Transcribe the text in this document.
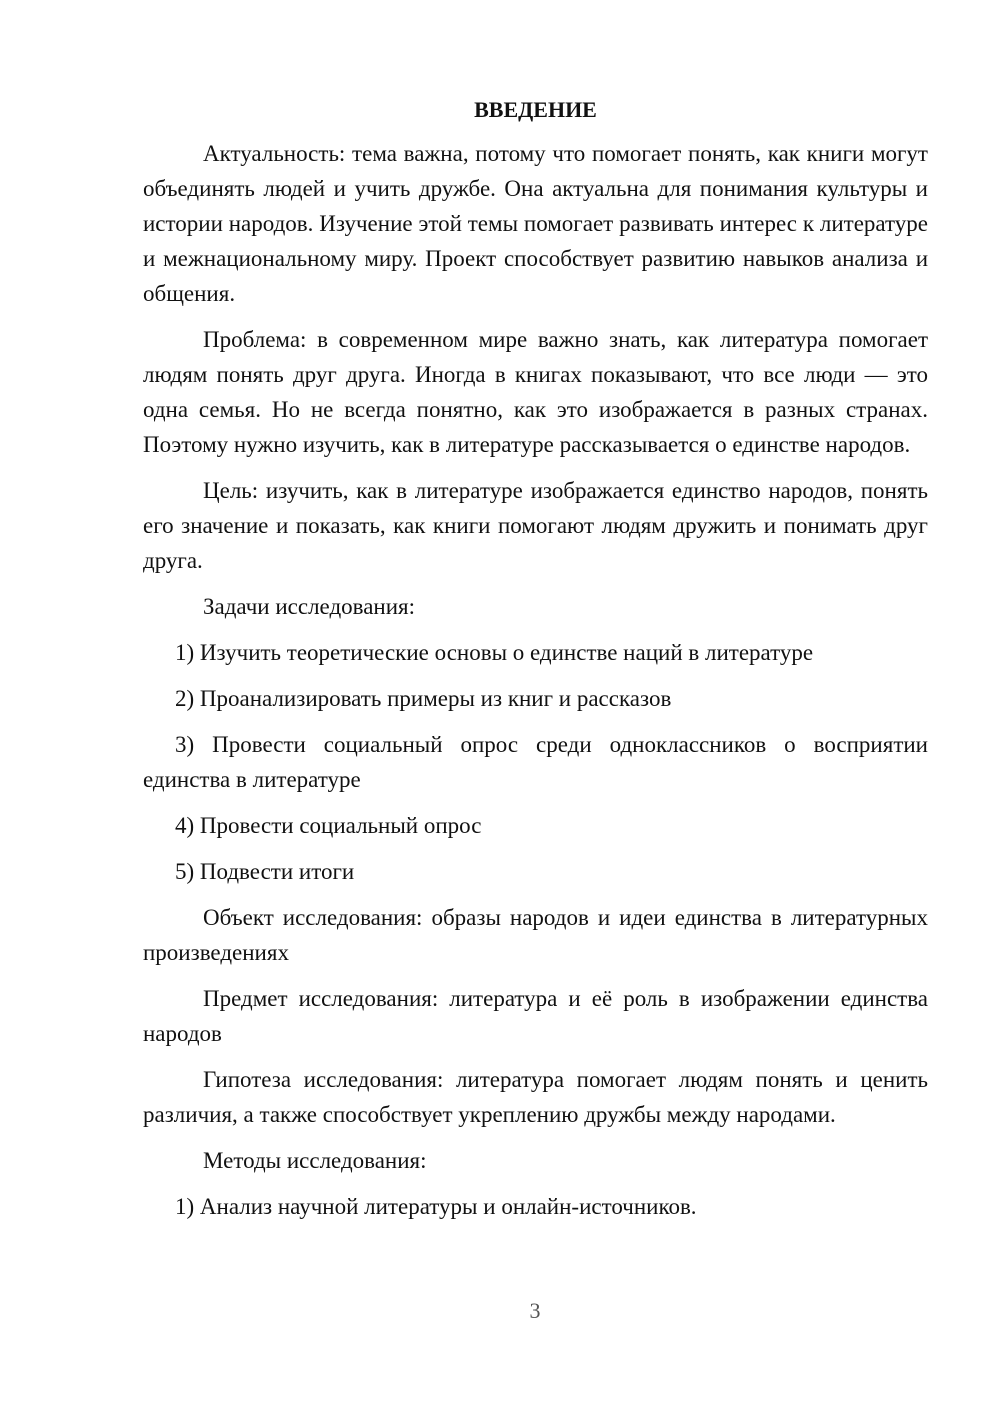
ВВЕДЕНИЕ

Актуальность: тема важна, потому что помогает понять, как книги могут объединять людей и учить дружбе. Она актуальна для понимания культуры и истории народов. Изучение этой темы помогает развивать интерес к литературе и межнациональному миру. Проект способствует развитию навыков анализа и общения.

Проблема: в современном мире важно знать, как литература помогает людям понять друг друга. Иногда в книгах показывают, что все люди — это одна семья. Но не всегда понятно, как это изображается в разных странах. Поэтому нужно изучить, как в литературе рассказывается о единстве народов.

Цель: изучить, как в литературе изображается единство народов, понять его значение и показать, как книги помогают людям дружить и понимать друг друга.

Задачи исследования:

1) Изучить теоретические основы о единстве наций в литературе

2) Проанализировать примеры из книг и рассказов

3) Провести социальный опрос среди одноклассников о восприятии единства в литературе

4) Провести социальный опрос

5) Подвести итоги

Объект исследования: образы народов и идеи единства в литературных произведениях

Предмет исследования: литература и её роль в изображении единства народов

Гипотеза исследования: литература помогает людям понять и ценить различия, а также способствует укреплению дружбы между народами.

Методы исследования:

1) Анализ научной литературы и онлайн-источников.

3
